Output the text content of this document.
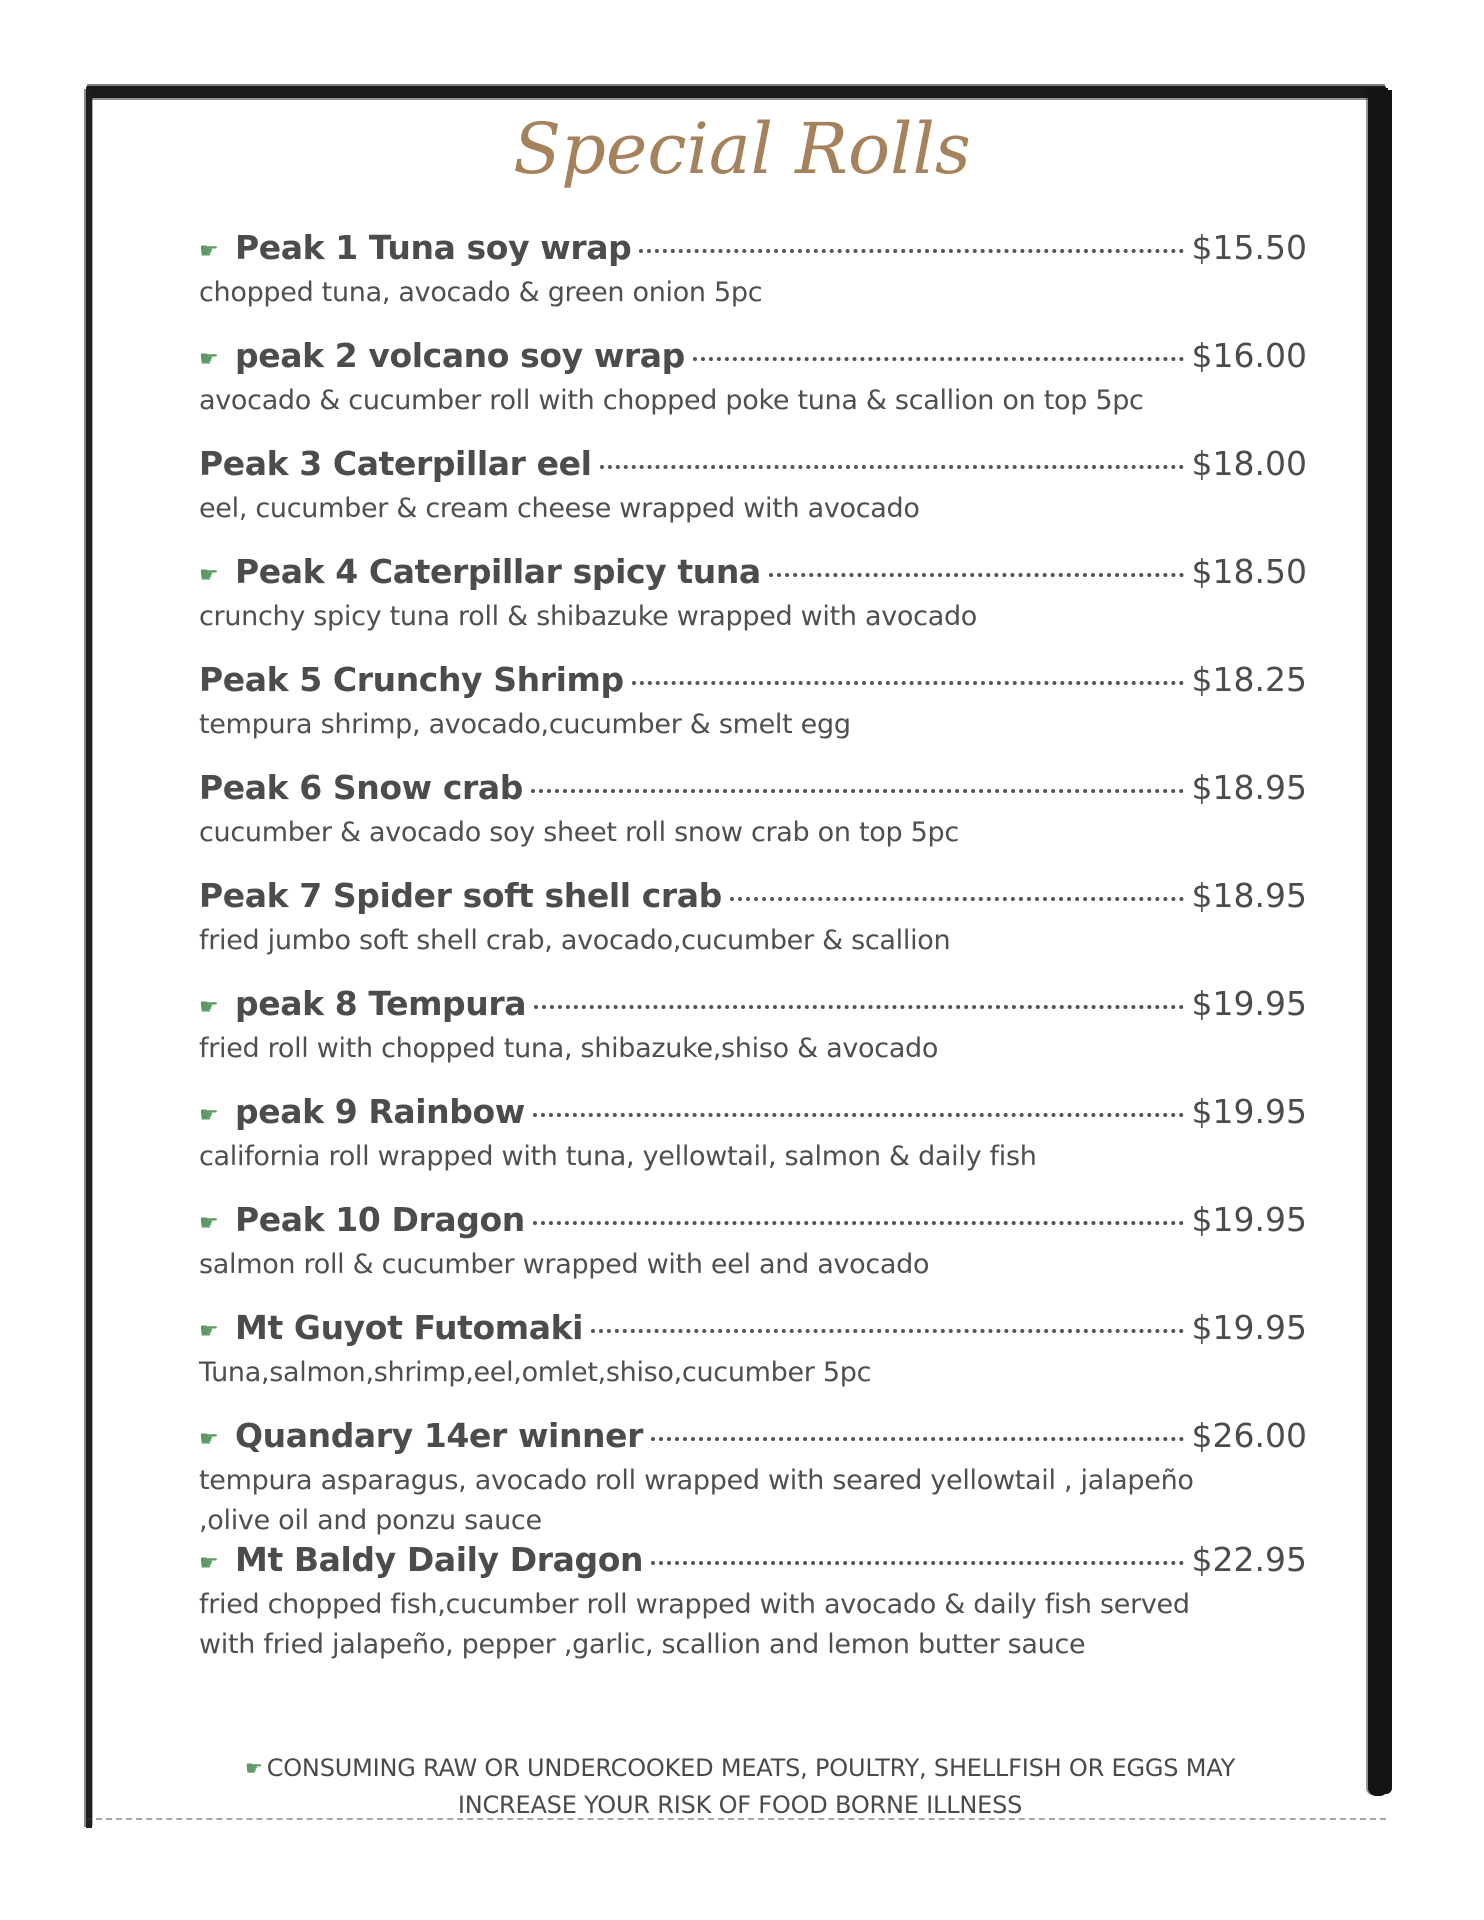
Special Rolls
☛ Peak 1 Tuna soy wrap	$15.50
chopped tuna, avocado & green onion 5pc
☛ peak 2 volcano soy wrap	$16.00
avocado & cucumber roll with chopped poke tuna & scallion on top 5pc
Peak 3 Caterpillar eel	$18.00
eel, cucumber & cream cheese wrapped with avocado
☛ Peak 4 Caterpillar spicy tuna	$18.50
crunchy spicy tuna roll & shibazuke wrapped with avocado
Peak 5 Crunchy Shrimp	$18.25
tempura shrimp, avocado,cucumber & smelt egg
Peak 6 Snow crab	$18.95
cucumber & avocado soy sheet roll snow crab on top 5pc
Peak 7 Spider soft shell crab	$18.95
fried jumbo soft shell crab, avocado,cucumber & scallion
☛ peak 8 Tempura	$19.95
fried roll with chopped tuna, shibazuke,shiso & avocado
☛ peak 9 Rainbow	$19.95
california roll wrapped with tuna, yellowtail, salmon & daily fish
☛ Peak 10 Dragon	$19.95
salmon roll & cucumber wrapped with eel and avocado
☛ Mt Guyot Futomaki	$19.95
Tuna,salmon,shrimp,eel,omlet,shiso,cucumber 5pc
☛ Quandary 14er winner	$26.00
tempura asparagus, avocado roll wrapped with seared yellowtail , jalapeño
,olive oil and ponzu sauce
☛ Mt Baldy Daily Dragon	$22.95
fried chopped fish,cucumber roll wrapped with avocado & daily fish served
with fried jalapeño, pepper ,garlic, scallion and lemon butter sauce
☛ CONSUMING RAW OR UNDERCOOKED MEATS, POULTRY, SHELLFISH OR EGGS MAY
INCREASE YOUR RISK OF FOOD BORNE ILLNESS
